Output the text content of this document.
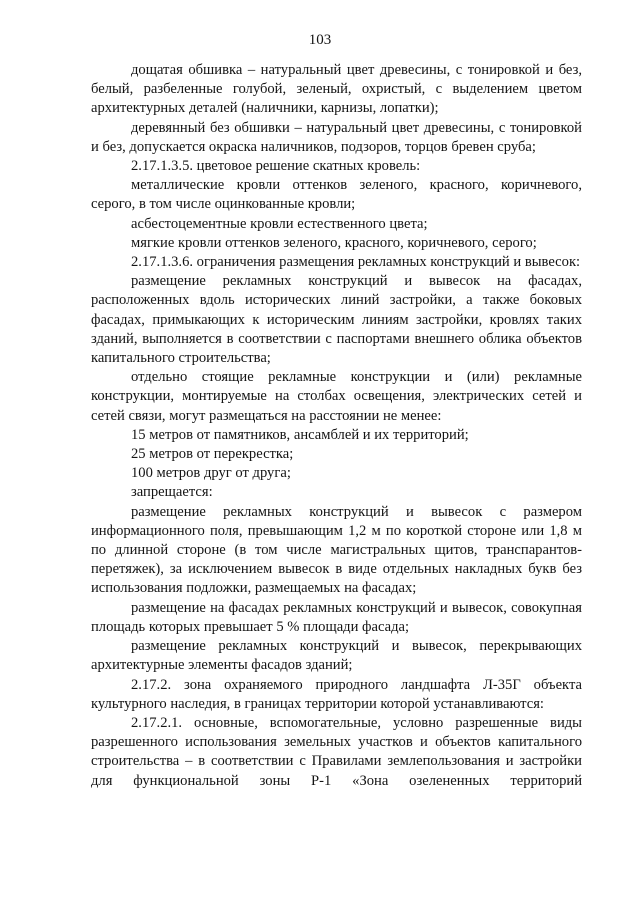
103

дощатая обшивка – натуральный цвет древесины, с тонировкой и без, белый, разбеленные голубой, зеленый, охристый, с выделением цветом архитектурных деталей (наличники, карнизы, лопатки);

деревянный без обшивки – натуральный цвет древесины, с тонировкой и без, допускается окраска наличников, подзоров, торцов бревен сруба;

2.17.1.3.5. цветовое решение скатных кровель:

металлические кровли оттенков зеленого, красного, коричневого, серого, в том числе оцинкованные кровли;

асбестоцементные кровли естественного цвета;

мягкие кровли оттенков зеленого, красного, коричневого, серого;

2.17.1.3.6. ограничения размещения рекламных конструкций и вывесок:

размещение рекламных конструкций и вывесок на фасадах, расположенных вдоль исторических линий застройки, а также боковых фасадах, примыкающих к историческим линиям застройки, кровлях таких зданий, выполняется в соответствии с паспортами внешнего облика объектов капитального строительства;

отдельно стоящие рекламные конструкции и (или) рекламные конструкции, монтируемые на столбах освещения, электрических сетей и сетей связи, могут размещаться на расстоянии не менее:

15 метров от памятников, ансамблей и их территорий;

25 метров от перекрестка;

100 метров друг от друга;

запрещается:

размещение рекламных конструкций и вывесок с размером информационного поля, превышающим 1,2 м по короткой стороне или 1,8 м по длинной стороне (в том числе магистральных щитов, транспарантов-перетяжек), за исключением вывесок в виде отдельных накладных букв без использования подложки, размещаемых на фасадах;

размещение на фасадах рекламных конструкций и вывесок, совокупная площадь которых превышает 5 % площади фасада;

размещение рекламных конструкций и вывесок, перекрывающих архитектурные элементы фасадов зданий;

2.17.2. зона охраняемого природного ландшафта Л-35Г объекта культурного наследия, в границах территории которой устанавливаются:

2.17.2.1. основные, вспомогательные, условно разрешенные виды разрешенного использования земельных участков и объектов капитального строительства – в соответствии с Правилами землепользования и застройки для функциональной зоны Р-1 «Зона озелененных территорий
